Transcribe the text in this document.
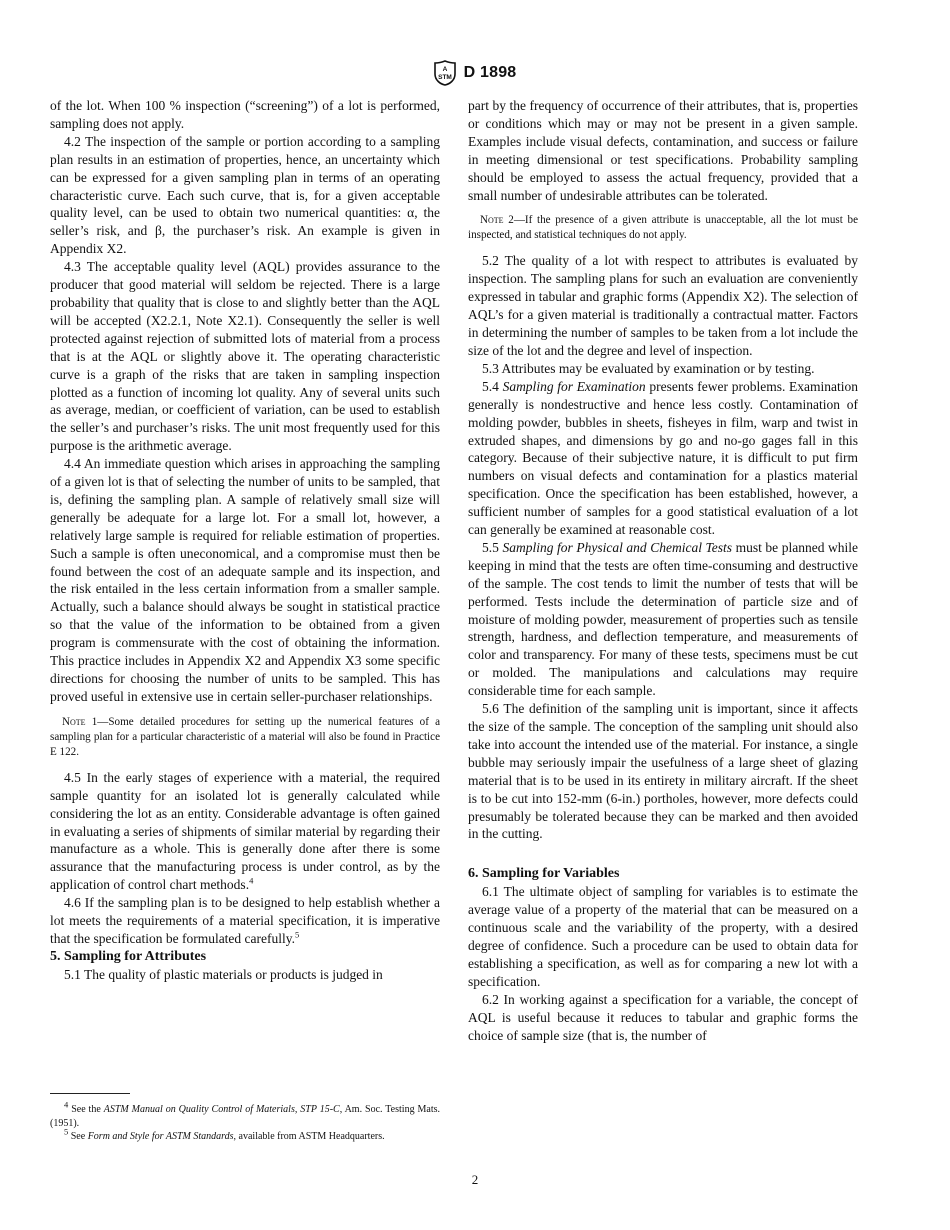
A
STM D 1898

of the lot. When 100 % inspection (“screening”) of a lot is performed, sampling does not apply.

4.2 The inspection of the sample or portion according to a sampling plan results in an estimation of properties, hence, an uncertainty which can be expressed for a given sampling plan in terms of an operating characteristic curve. Each such curve, that is, for a given acceptable quality level, can be used to obtain two numerical quantities: α, the seller’s risk, and β, the purchaser’s risk. An example is given in Appendix X2.

4.3 The acceptable quality level (AQL) provides assurance to the producer that good material will seldom be rejected. There is a large probability that quality that is close to and slightly better than the AQL will be accepted (X2.2.1, Note X2.1). Consequently the seller is well protected against rejection of submitted lots of material from a process that is at the AQL or slightly above it. The operating characteristic curve is a graph of the risks that are taken in sampling inspection plotted as a function of incoming lot quality. Any of several units such as average, median, or coefficient of variation, can be used to establish the seller’s and purchaser’s risks. The unit most frequently used for this purpose is the arithmetic average.

4.4 An immediate question which arises in approaching the sampling of a given lot is that of selecting the number of units to be sampled, that is, defining the sampling plan. A sample of relatively small size will generally be adequate for a large lot. For a small lot, however, a relatively large sample is required for reliable estimation of properties. Such a sample is often uneconomical, and a compromise must then be found between the cost of an adequate sample and its inspection, and the risk entailed in the less certain information from a smaller sample. Actually, such a balance should always be sought in statistical practice so that the value of the information to be obtained from a given program is commensurate with the cost of obtaining the information. This practice includes in Appendix X2 and Appendix X3 some specific directions for choosing the number of units to be sampled. This has proved useful in extensive use in certain seller-purchaser relationships.

Note 1—Some detailed procedures for setting up the numerical features of a sampling plan for a particular characteristic of a material will also be found in Practice E 122.

4.5 In the early stages of experience with a material, the required sample quantity for an isolated lot is generally calculated while considering the lot as an entity. Considerable advantage is often gained in evaluating a series of shipments of similar material by regarding their manufacture as a whole. This is generally done after there is some assurance that the manufacturing process is under control, as by the application of control chart methods.$^4$

4.6 If the sampling plan is to be designed to help establish whether a lot meets the requirements of a material specification, it is imperative that the specification be formulated carefully.$^5$

5. Sampling for Attributes

5.1 The quality of plastic materials or products is judged in

part by the frequency of occurrence of their attributes, that is, properties or conditions which may or may not be present in a given sample. Examples include visual defects, contamination, and success or failure in meeting dimensional or test specifications. Probability sampling should be employed to assess the actual frequency, provided that a small number of undesirable attributes can be tolerated.

Note 2—If the presence of a given attribute is unacceptable, all the lot must be inspected, and statistical techniques do not apply.

5.2 The quality of a lot with respect to attributes is evaluated by inspection. The sampling plans for such an evaluation are conveniently expressed in tabular and graphic forms (Appendix X2). The selection of AQL’s for a given material is traditionally a contractual matter. Factors in determining the number of samples to be taken from a lot include the size of the lot and the degree and level of inspection.

5.3 Attributes may be evaluated by examination or by testing.

5.4 Sampling for Examination presents fewer problems. Examination generally is nondestructive and hence less costly. Contamination of molding powder, bubbles in sheets, fisheyes in film, warp and twist in extruded shapes, and dimensions by go and no-go gages fall in this category. Because of their subjective nature, it is difficult to put firm numbers on visual defects and contamination for a plastics material specification. Once the specification has been established, however, a sufficient number of samples for a good statistical evaluation of a lot can generally be examined at reasonable cost.

5.5 Sampling for Physical and Chemical Tests must be planned while keeping in mind that the tests are often time-consuming and destructive of the sample. The cost tends to limit the number of tests that will be performed. Tests include the determination of particle size and of moisture of molding powder, measurement of properties such as tensile strength, hardness, and deflection temperature, and measurements of color and transparency. For many of these tests, specimens must be cut or molded. The manipulations and calculations may require considerable time for each sample.

5.6 The definition of the sampling unit is important, since it affects the size of the sample. The conception of the sampling unit should also take into account the intended use of the material. For instance, a single bubble may seriously impair the usefulness of a large sheet of glazing material that is to be used in its entirety in military aircraft. If the sheet is to be cut into 152-mm (6-in.) portholes, however, more defects could presumably be tolerated because they can be marked and then avoided in the cutting.

6. Sampling for Variables

6.1 The ultimate object of sampling for variables is to estimate the average value of a property of the material that can be measured on a continuous scale and the variability of the property, with a desired degree of confidence. Such a procedure can be used to obtain data for establishing a specification, as well as for comparing a new lot with a specification.

6.2 In working against a specification for a variable, the concept of AQL is useful because it reduces to tabular and graphic forms the choice of sample size (that is, the number of

$^4$ See the ASTM Manual on Quality Control of Materials, STP 15-C, Am. Soc. Testing Mats. (1951).

$^5$ See Form and Style for ASTM Standards, available from ASTM Headquarters.

2
